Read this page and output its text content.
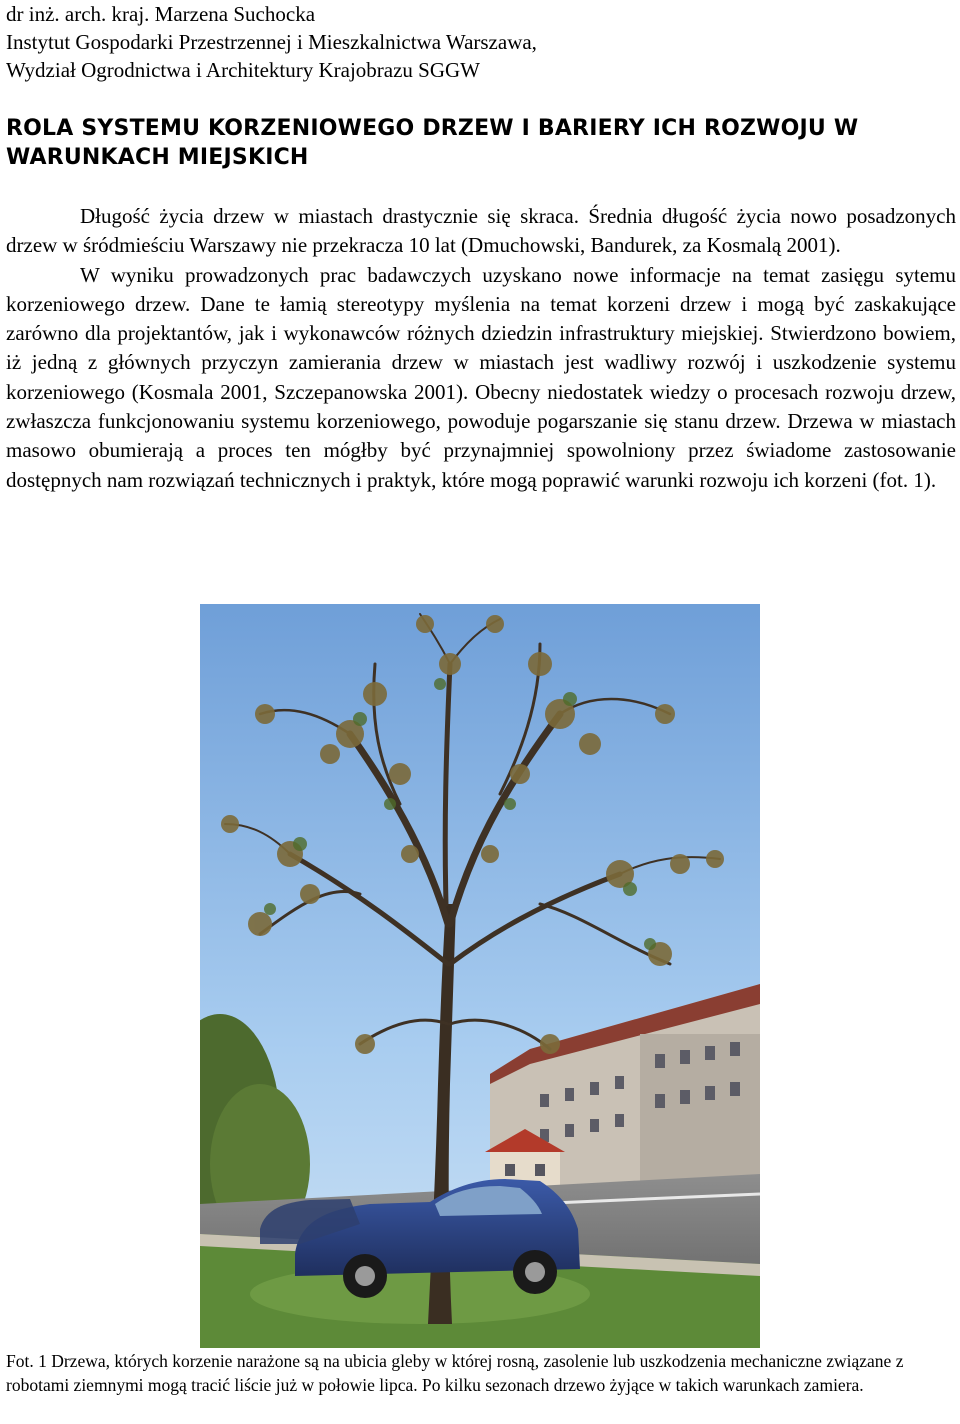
dr inż. arch. kraj. Marzena Suchocka
Instytut Gospodarki Przestrzennej i Mieszkalnictwa Warszawa,
Wydział Ogrodnictwa i Architektury Krajobrazu SGGW
ROLA SYSTEMU KORZENIOWEGO DRZEW I BARIERY ICH ROZWOJU W WARUNKACH MIEJSKICH

Długość życia drzew w miastach drastycznie się skraca. Średnia długość życia nowo posadzonych drzew w śródmieściu Warszawy nie przekracza 10 lat (Dmuchowski, Bandurek, za Kosmalą 2001).

W wyniku prowadzonych prac badawczych uzyskano nowe informacje na temat zasięgu sytemu korzeniowego drzew. Dane te łamią stereotypy myślenia na temat korzeni drzew i mogą być zaskakujące zarówno dla projektantów, jak i wykonawców różnych dziedzin infrastruktury miejskiej. Stwierdzono bowiem, iż jedną z głównych przyczyn zamierania drzew w miastach jest wadliwy rozwój i uszkodzenie systemu korzeniowego (Kosmala 2001, Szczepanowska 2001). Obecny niedostatek wiedzy o procesach rozwoju drzew, zwłaszcza funkcjonowaniu systemu korzeniowego, powoduje pogarszanie się stanu drzew. Drzewa w miastach masowo obumierają a proces ten mógłby być przynajmniej spowolniony przez świadome zastosowanie dostępnych nam rozwiązań technicznych i praktyk, które mogą poprawić warunki rozwoju ich korzeni (fot. 1).

Fot. 1 Drzewa, których korzenie narażone są na ubicia gleby w której rosną, zasolenie lub uszkodzenia mechaniczne związane z robotami ziemnymi mogą tracić liście już w połowie lipca. Po kilku sezonach drzewo żyjące w takich warunkach zamiera.
